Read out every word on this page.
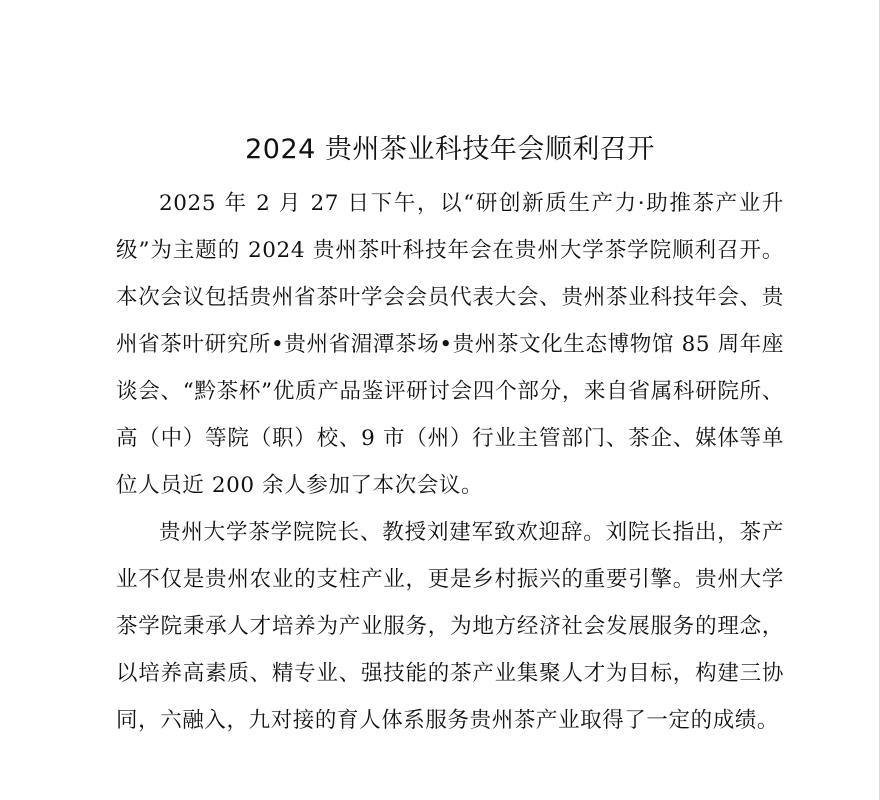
2024 贵州茶业科技年会顺利召开

2025 年 2 月 27 日下午，以“研创新质生产力·助推茶产业升级”为主题的 2024 贵州茶叶科技年会在贵州大学茶学院顺利召开。本次会议包括贵州省茶叶学会会员代表大会、贵州茶业科技年会、贵州省茶叶研究所•贵州省湄潭茶场•贵州茶文化生态博物馆 85 周年座谈会、“黔茶杯”优质产品鉴评研讨会四个部分，来自省属科研院所、高（中）等院（职）校、9 市（州）行业主管部门、茶企、媒体等单位人员近 200 余人参加了本次会议。

贵州大学茶学院院长、教授刘建军致欢迎辞。刘院长指出，茶产业不仅是贵州农业的支柱产业，更是乡村振兴的重要引擎。贵州大学茶学院秉承人才培养为产业服务，为地方经济社会发展服务的理念，以培养高素质、精专业、强技能的茶产业集聚人才为目标，构建三协同，六融入，九对接的育人体系服务贵州茶产业取得了一定的成绩。
